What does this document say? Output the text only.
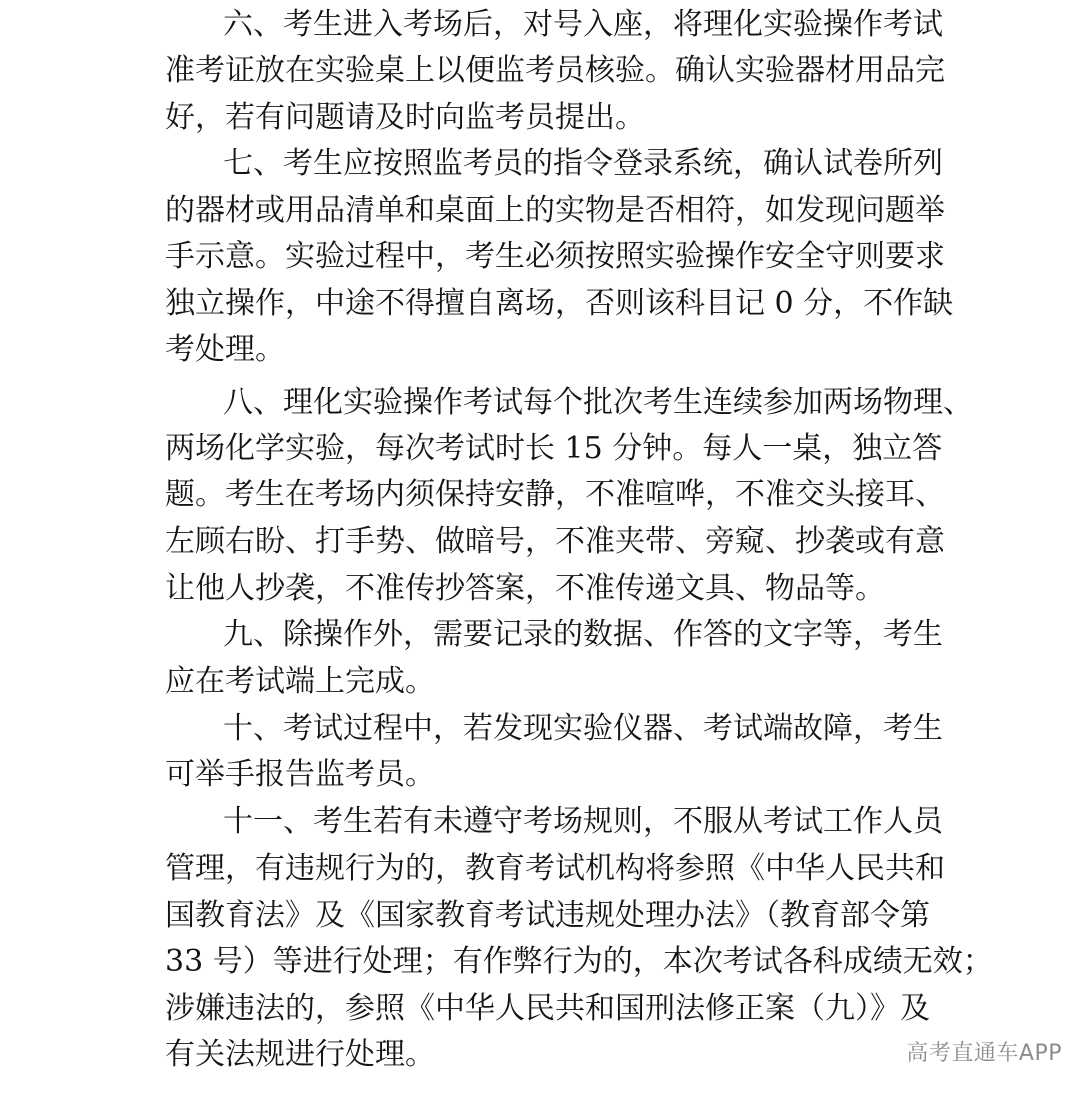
六、考生进入考场后，对号入座，将理化实验操作考试
准考证放在实验桌上以便监考员核验。确认实验器材用品完
好，若有问题请及时向监考员提出。
七、考生应按照监考员的指令登录系统，确认试卷所列
的器材或用品清单和桌面上的实物是否相符，如发现问题举
手示意。实验过程中，考生必须按照实验操作安全守则要求
独立操作，中途不得擅自离场，否则该科目记 0 分，不作缺
考处理。
八、理化实验操作考试每个批次考生连续参加两场物理、
两场化学实验，每次考试时长 15 分钟。每人一桌，独立答
题。考生在考场内须保持安静，不准喧哗，不准交头接耳、
左顾右盼、打手势、做暗号，不准夹带、旁窥、抄袭或有意
让他人抄袭，不准传抄答案，不准传递文具、物品等。
九、除操作外，需要记录的数据、作答的文字等，考生
应在考试端上完成。
十、考试过程中，若发现实验仪器、考试端故障，考生
可举手报告监考员。
十一、考生若有未遵守考场规则，不服从考试工作人员
管理，有违规行为的，教育考试机构将参照《中华人民共和
国教育法》及《国家教育考试违规处理办法》（教育部令第
33 号）等进行处理；有作弊行为的，本次考试各科成绩无效；
涉嫌违法的，参照《中华人民共和国刑法修正案（九）》及
有关法规进行处理。	高考直通车APP
